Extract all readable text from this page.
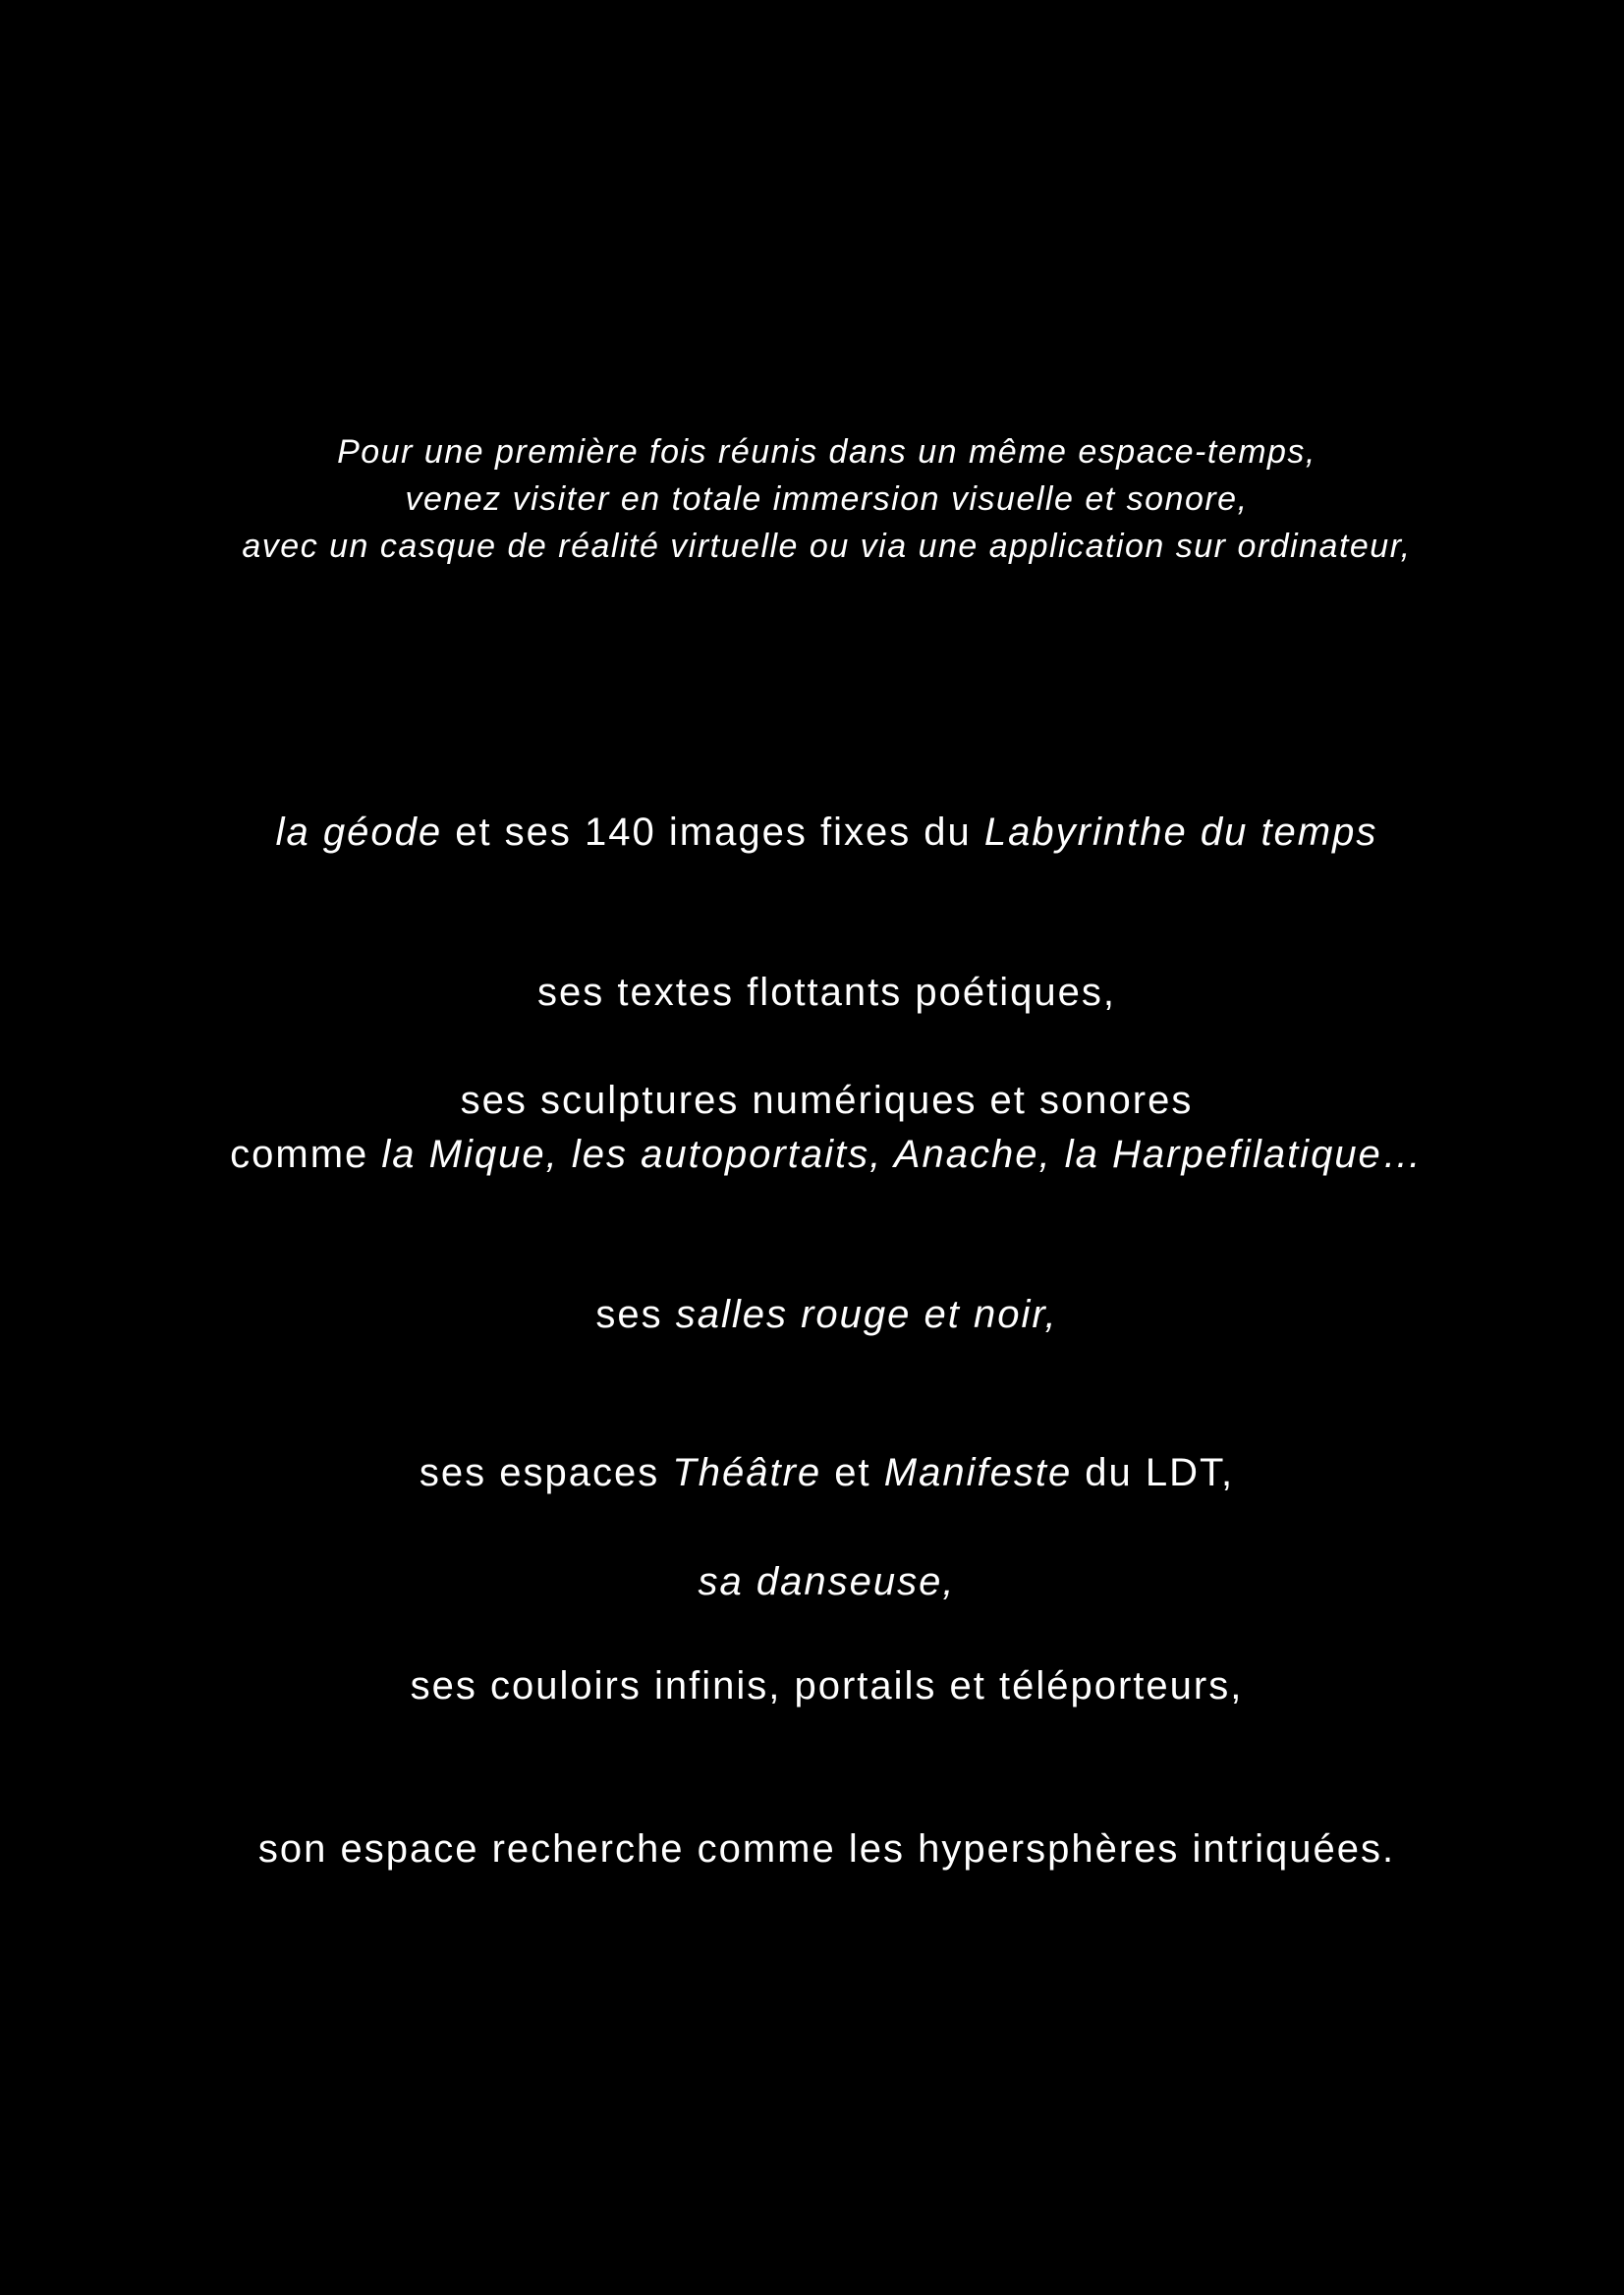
Pour une première fois réunis dans un même espace-temps,
venez visiter en totale immersion visuelle et sonore,
avec un casque de réalité virtuelle ou via une application sur ordinateur,
la géode et ses 140 images fixes du Labyrinthe du temps
ses textes flottants poétiques,
ses sculptures numériques et sonores
comme la Mique, les autoportaits, Anache, la Harpefilatique…
ses salles rouge et noir,
ses espaces Théâtre et Manifeste du LDT,
sa danseuse,
ses couloirs infinis, portails et téléporteurs,
son espace recherche comme les hypersphères intriquées.
